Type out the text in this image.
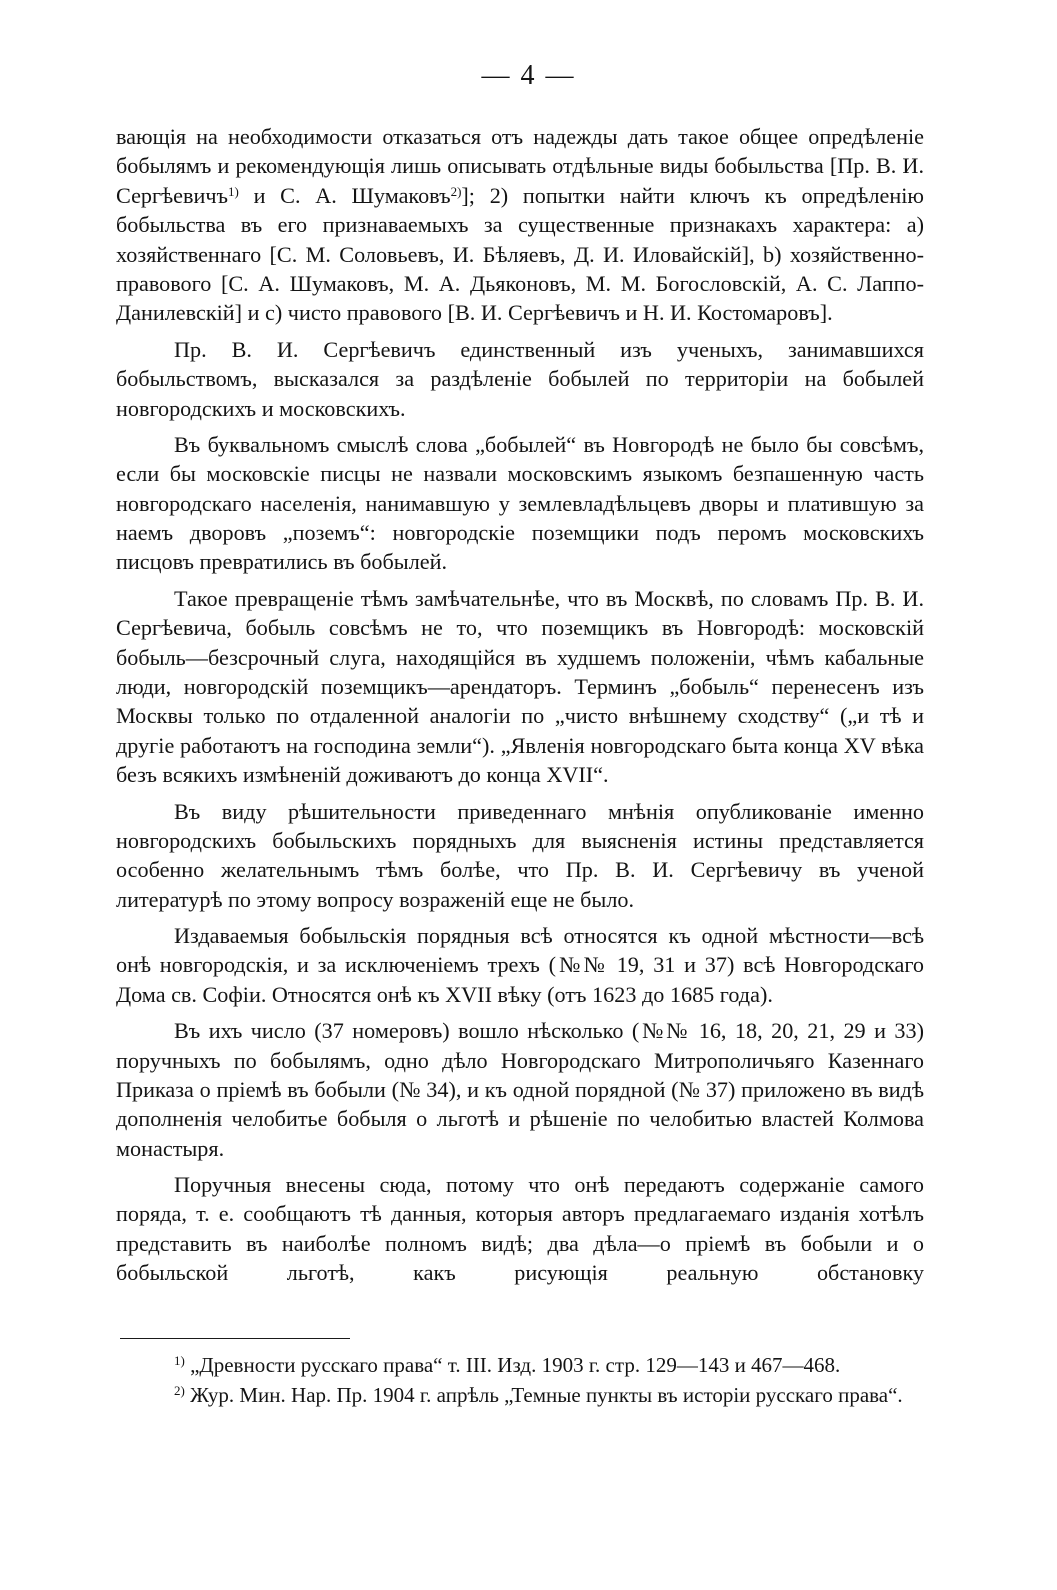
— 4 —

вающія на необходимости отказаться отъ надежды дать такое общее опредѣленіе бобылямъ и рекомендующія лишь описывать отдѣльные виды бобыльства [Пр. В. И. Сергѣевичъ$^{1)}$ и С. А. Шумаковъ$^{2)}$]; 2) попытки найти ключъ къ опредѣленію бобыльства въ его признаваемыхъ за существенные признакахъ характера: а) хозяйственнаго [С. М. Соловьевъ, И. Бѣляевъ, Д. И. Иловайскій], b) хозяйственно-правового [С. А. Шумаковъ, М. А. Дьяконовъ, М. М. Богословскій, А. С. Лаппо-Данилевскій] и с) чисто правового [В. И. Сергѣевичъ и Н. И. Костомаровъ].

Пр. В. И. Сергѣевичъ единственный изъ ученыхъ, занимавшихся бобыльствомъ, высказался за раздѣленіе бобылей по территоріи на бобылей новгородскихъ и московскихъ.

Въ буквальномъ смыслѣ слова „бобылей“ въ Новгородѣ не было бы совсѣмъ, если бы московскіе писцы не назвали московскимъ языкомъ безпашенную часть новгородскаго населенія, нанимавшую у землевладѣльцевъ дворы и платившую за наемъ дворовъ „поземъ“: новгородскіе поземщики подъ перомъ московскихъ писцовъ превратились въ бобылей.

Такое превращеніе тѣмъ замѣчательнѣе, что въ Москвѣ, по словамъ Пр. В. И. Сергѣевича, бобыль совсѣмъ не то, что поземщикъ въ Новгородѣ: московскій бобыль—безсрочный слуга, находящійся въ худшемъ положеніи, чѣмъ кабальные люди, новгородскій поземщикъ—арендаторъ. Терминъ „бобыль“ перенесенъ изъ Москвы только по отдаленной аналогіи по „чисто внѣшнему сходству“ („и тѣ и другіе работаютъ на господина земли“). „Явленія новгородскаго быта конца XV вѣка безъ всякихъ измѣненій доживаютъ до конца XVII“.

Въ виду рѣшительности приведеннаго мнѣнія опубликованіе именно новгородскихъ бобыльскихъ порядныхъ для выясненія истины представляется особенно желательнымъ тѣмъ болѣе, что Пр. В. И. Сергѣевичу въ ученой литературѣ по этому вопросу возраженій еще не было.

Издаваемыя бобыльскія порядныя всѣ относятся къ одной мѣстности—всѣ онѣ новгородскія, и за исключеніемъ трехъ (№№ 19, 31 и 37) всѣ Новгородскаго Дома св. Софіи. Относятся онѣ къ XVII вѣку (отъ 1623 до 1685 года).

Въ ихъ число (37 номеровъ) вошло нѣсколько (№№ 16, 18, 20, 21, 29 и 33) поручныхъ по бобылямъ, одно дѣло Новгородскаго Митрополичьяго Казеннаго Приказа о пріемѣ въ бобыли (№ 34), и къ одной порядной (№ 37) приложено въ видѣ дополненія челобитье бобыля о льготѣ и рѣшеніе по челобитью властей Колмова монастыря.

Поручныя внесены сюда, потому что онѣ передаютъ содержаніе самого поряда, т. е. сообщаютъ тѣ данныя, которыя авторъ предлагаемаго изданія хотѣлъ представить въ наиболѣе полномъ видѣ; два дѣла—о пріемѣ въ бобыли и о бобыльской льготѣ, какъ рисующія реальную обстановку

$^{1)}$ „Древности русскаго права“ т. III. Изд. 1903 г. стр. 129—143 и 467—468.

$^{2)}$ Жур. Мин. Нар. Пр. 1904 г. апрѣль „Темные пункты въ исторіи русскаго права“.
